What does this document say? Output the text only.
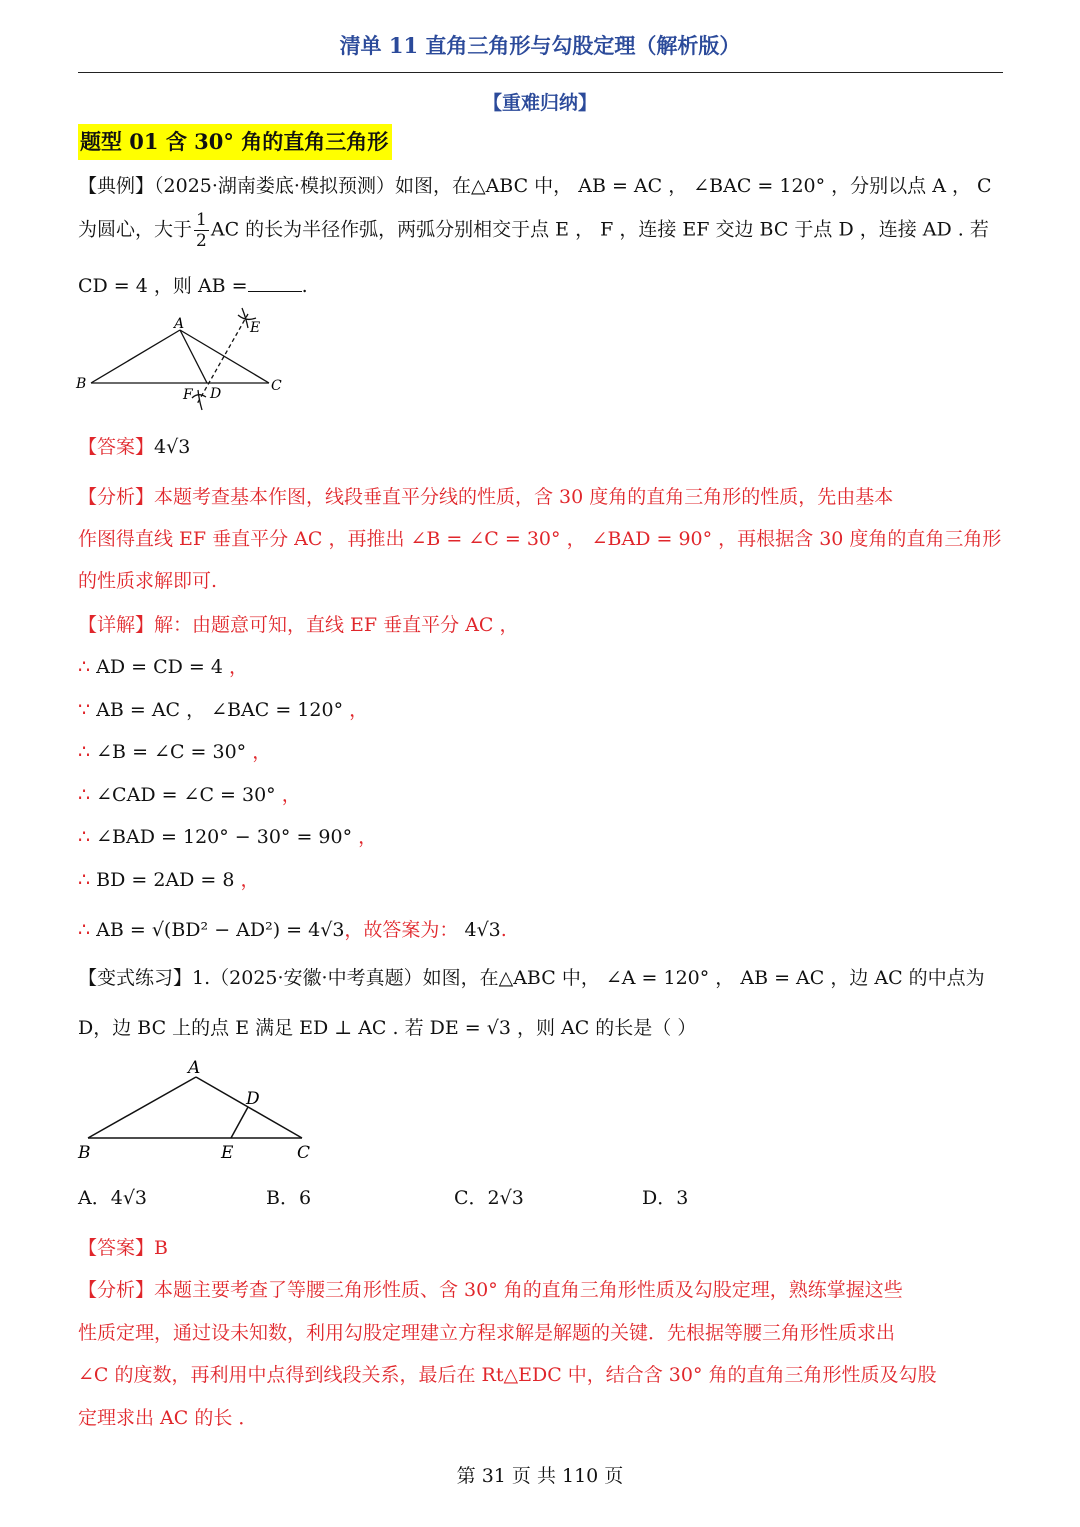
清单 11 直角三角形与勾股定理（解析版）
【重难归纳】
题型 01 含 30° 角的直角三角形
【典例】（2025·湖南娄底·模拟预测）如图，在△ABC 中， AB = AC ， ∠BAC = 120° ，分别以点 A ， C
为圆心，大于 $\frac{1}{2}$ AC 的长为半径作弧，两弧分别相交于点 E ， F ，连接 EF 交边 BC 于点 D ，连接 AD . 若
CD = 4 ，则 AB =	.
A
B	C
D
E
F
【答案】4√3
【分析】本题考查基本作图，线段垂直平分线的性质，含 30 度角的直角三角形的性质，先由基本
作图得直线 EF 垂直平分 AC ，再推出 ∠B = ∠C = 30° ， ∠BAD = 90° ，再根据含 30 度角的直角三角形
的性质求解即可.
【详解】解：由题意可知，直线 EF 垂直平分 AC ，
∴ AD = CD = 4 ，
∵ AB = AC ， ∠BAC = 120° ，
∴ ∠B = ∠C = 30° ，
∴ ∠CAD = ∠C = 30° ，
∴ ∠BAD = 120° − 30° = 90° ，
∴ BD = 2AD = 8 ，
∴ AB = √(BD² − AD²) = 4√3，故答案为： 4√3.
【变式练习】1.（2025·安徽·中考真题）如图，在△ABC 中， ∠A = 120° ， AB = AC ，边 AC 的中点为
D，边 BC 上的点 E 满足 ED ⊥ AC . 若 DE = √3 ，则 AC 的长是（ ）
A
B	C
D
E
A．4√3	B．6	C．2√3	D．3
【答案】B
【分析】本题主要考查了等腰三角形性质、含 30° 角的直角三角形性质及勾股定理，熟练掌握这些
性质定理，通过设未知数，利用勾股定理建立方程求解是解题的关键．先根据等腰三角形性质求出
∠C 的度数，再利用中点得到线段关系，最后在 Rt△EDC 中，结合含 30° 角的直角三角形性质及勾股
定理求出 AC 的长 ．
第 31 页 共 110 页
